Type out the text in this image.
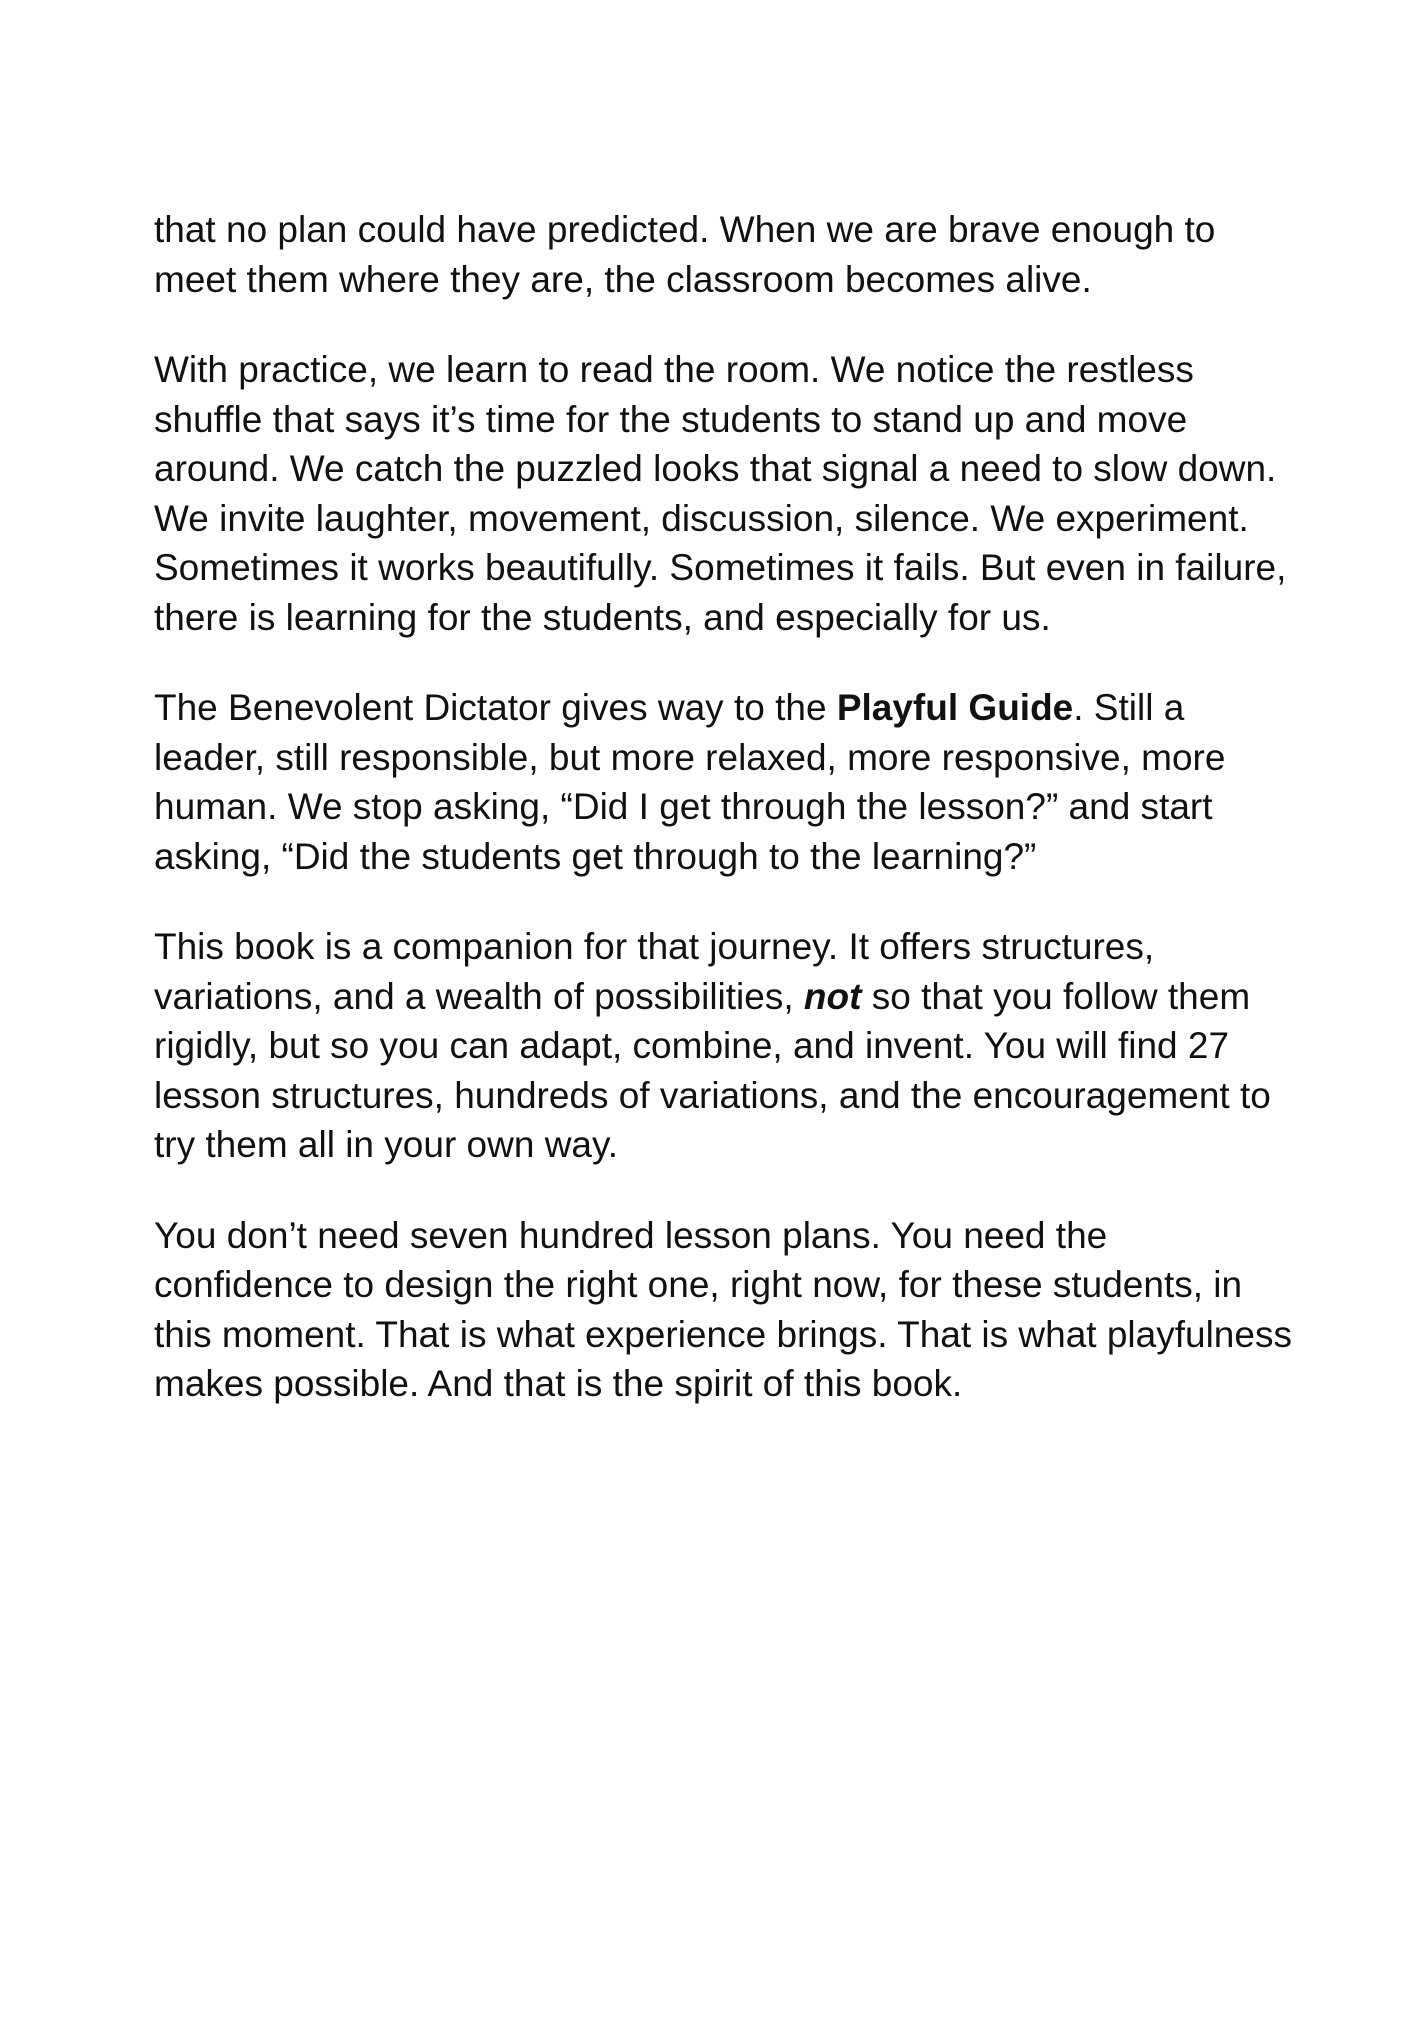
that no plan could have predicted. When we are brave enough to meet them where they are, the classroom becomes alive.

With practice, we learn to read the room. We notice the restless shuffle that says it’s time for the students to stand up and move around. We catch the puzzled looks that signal a need to slow down. We invite laughter, movement, discussion, silence. We experiment. Sometimes it works beautifully. Sometimes it fails. But even in failure, there is learning for the students, and especially for us.

The Benevolent Dictator gives way to the Playful Guide. Still a leader, still responsible, but more relaxed, more responsive, more human. We stop asking, “Did I get through the lesson?” and start asking, “Did the students get through to the learning?”

This book is a companion for that journey. It offers structures, variations, and a wealth of possibilities, not so that you follow them rigidly, but so you can adapt, combine, and invent. You will find 27 lesson structures, hundreds of variations, and the encouragement to try them all in your own way.

You don’t need seven hundred lesson plans. You need the confidence to design the right one, right now, for these students, in this moment. That is what experience brings. That is what playfulness makes possible. And that is the spirit of this book.
